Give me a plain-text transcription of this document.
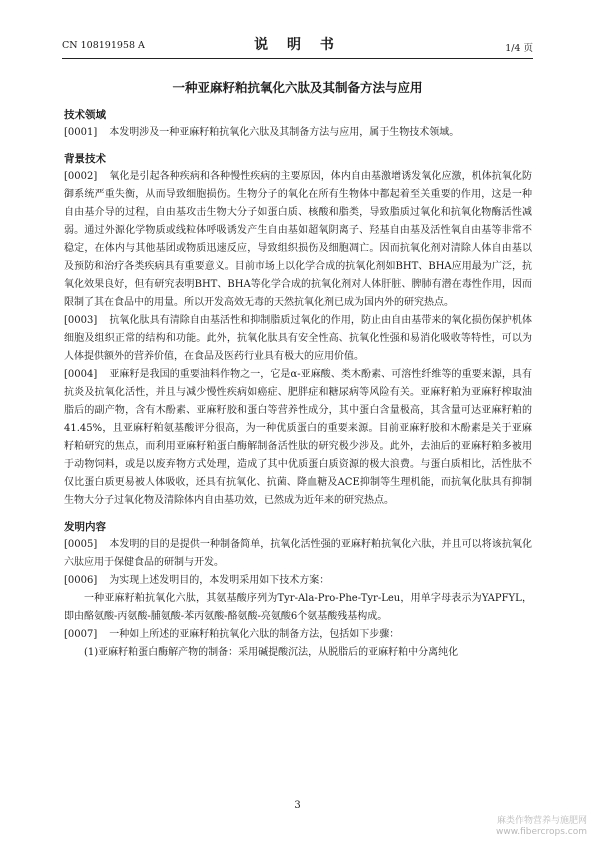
CN 108191958 A	说 明 书	1/4 页
一种亚麻籽粕抗氧化六肽及其制备方法与应用

技术领域

[0001] 本发明涉及一种亚麻籽粕抗氧化六肽及其制备方法与应用，属于生物技术领域。

背景技术

[0002] 氧化是引起各种疾病和各种慢性疾病的主要原因，体内自由基激增诱发氧化应激，机体抗氧化防御系统严重失衡，从而导致细胞损伤。生物分子的氧化在所有生物体中都起着至关重要的作用，这是一种自由基介导的过程，自由基攻击生物大分子如蛋白质、核酸和脂类，导致脂质过氧化和抗氧化物酶活性减弱。通过外源化学物质或线粒体呼吸诱发产生自由基如超氧阴离子、羟基自由基及活性氧自由基等非常不稳定，在体内与其他基团或物质迅速反应，导致组织损伤及细胞凋亡。因而抗氧化剂对清除人体自由基以及预防和治疗各类疾病具有重要意义。目前市场上以化学合成的抗氧化剂如BHT、BHA应用最为广泛，抗氧化效果良好，但有研究表明BHT、BHA等化学合成的抗氧化剂对人体肝脏、脾肺有潜在毒性作用，因而限制了其在食品中的用量。所以开发高效无毒的天然抗氧化剂已成为国内外的研究热点。

[0003] 抗氧化肽具有清除自由基活性和抑制脂质过氧化的作用，防止由自由基带来的氧化损伤保护机体细胞及组织正常的结构和功能。此外，抗氧化肽具有安全性高、抗氧化性强和易消化吸收等特性，可以为人体提供额外的营养价值，在食品及医药行业具有极大的应用价值。

[0004] 亚麻籽是我国的重要油料作物之一，它是α-亚麻酸、类木酚素、可溶性纤维等的重要来源，具有抗炎及抗氧化活性，并且与减少慢性疾病如癌症、肥胖症和糖尿病等风险有关。亚麻籽粕为亚麻籽榨取油脂后的副产物，含有木酚素、亚麻籽胶和蛋白等营养性成分，其中蛋白含量极高，其含量可达亚麻籽粕的41.45%，且亚麻籽粕氨基酸评分很高，为一种优质蛋白的重要来源。目前亚麻籽胶和木酚素是关于亚麻籽粕研究的焦点，而利用亚麻籽粕蛋白酶解制备活性肽的研究极少涉及。此外，去油后的亚麻籽粕多被用于动物饲料，或是以废弃物方式处理，造成了其中优质蛋白质资源的极大浪费。与蛋白质相比，活性肽不仅比蛋白质更易被人体吸收，还具有抗氧化、抗菌、降血糖及ACE抑制等生理机能，而抗氧化肽具有抑制生物大分子过氧化物及清除体内自由基功效，已然成为近年来的研究热点。

发明内容

[0005] 本发明的目的是提供一种制备简单，抗氧化活性强的亚麻籽粕抗氧化六肽，并且可以将该抗氧化六肽应用于保健食品的研制与开发。

[0006] 为实现上述发明目的，本发明采用如下技术方案：

一种亚麻籽粕抗氧化六肽，其氨基酸序列为Tyr-Ala-Pro-Phe-Tyr-Leu，用单字母表示为YAPFYL，即由酪氨酸-丙氨酸-脯氨酸-苯丙氨酸-酪氨酸-亮氨酸6个氨基酸残基构成。

[0007] 一种如上所述的亚麻籽粕抗氧化六肽的制备方法，包括如下步骤：

(1)亚麻籽粕蛋白酶解产物的制备：采用碱提酸沉法，从脱脂后的亚麻籽粕中分离纯化

3
麻类作物营养与施肥网
www.fibercrops.com
